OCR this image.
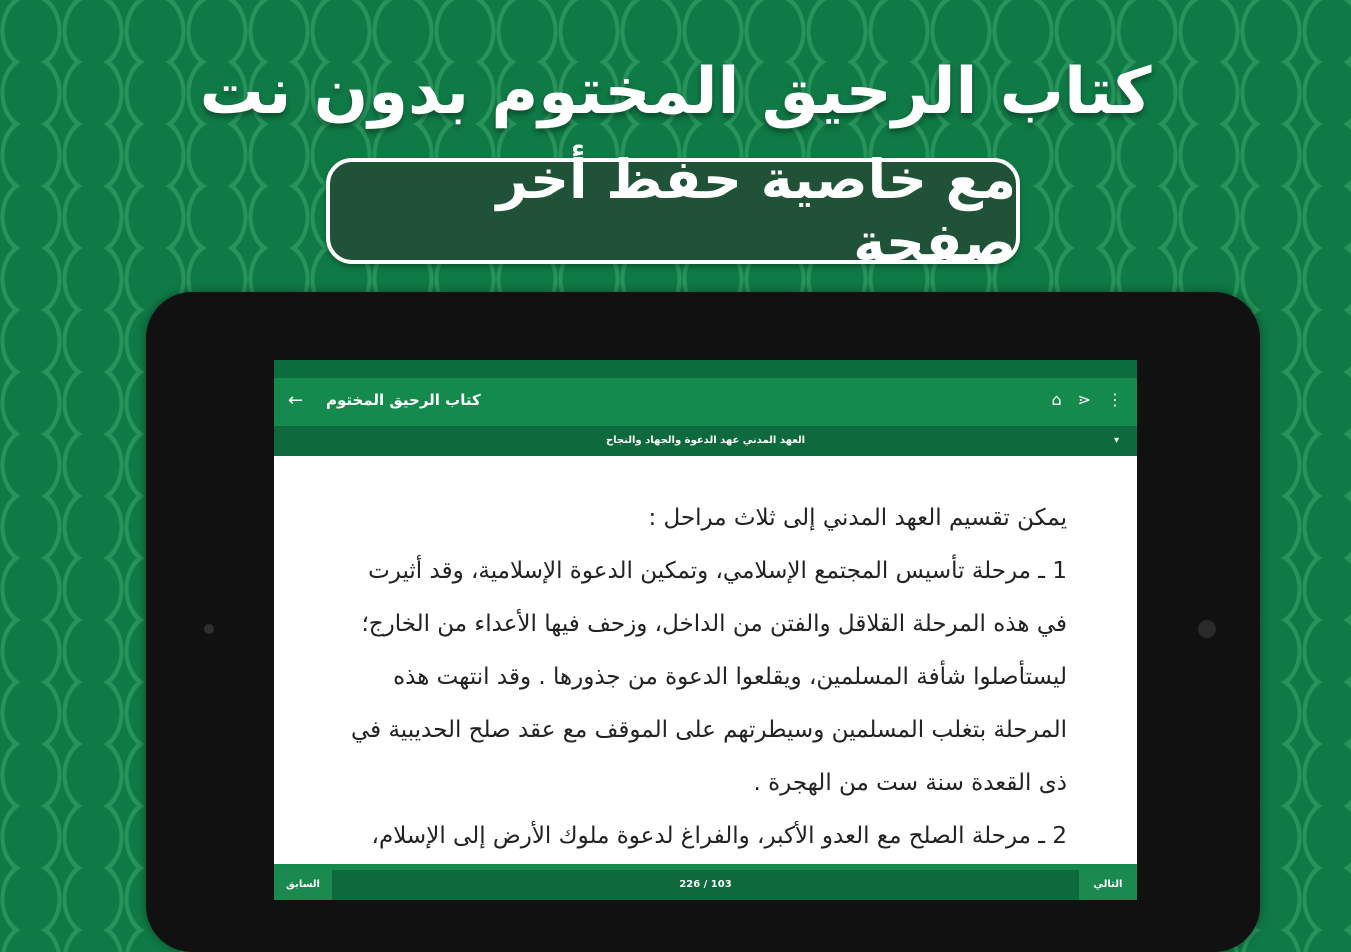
كتاب الرحيق المختوم بدون نت
مع خاصية حفظ أخر صفحة
← كتاب الرحيق المختوم	⋮
⋖
⌂
▾
العهد المدني عهد الدعوة والجهاد والنجاح

يمكن تقسيم العهد المدني إلى ثلاث مراحل :

1 ـ مرحلة تأسيس المجتمع الإسلامي، وتمكين الدعوة الإسلامية، وقد أثيرت في هذه المرحلة القلاقل والفتن من الداخل، وزحف فيها الأعداء من الخارج؛ ليستأصلوا شأفة المسلمين، ويقلعوا الدعوة من جذورها . وقد انتهت هذه المرحلة بتغلب المسلمين وسيطرتهم على الموقف مع عقد صلح الحديبية في ذى القعدة سنة ست من الهجرة .

2 ـ مرحلة الصلح مع العدو الأكبر، والفراغ لدعوة ملوك الأرض إلى الإسلام،

السابق	226 / 103	التالي
